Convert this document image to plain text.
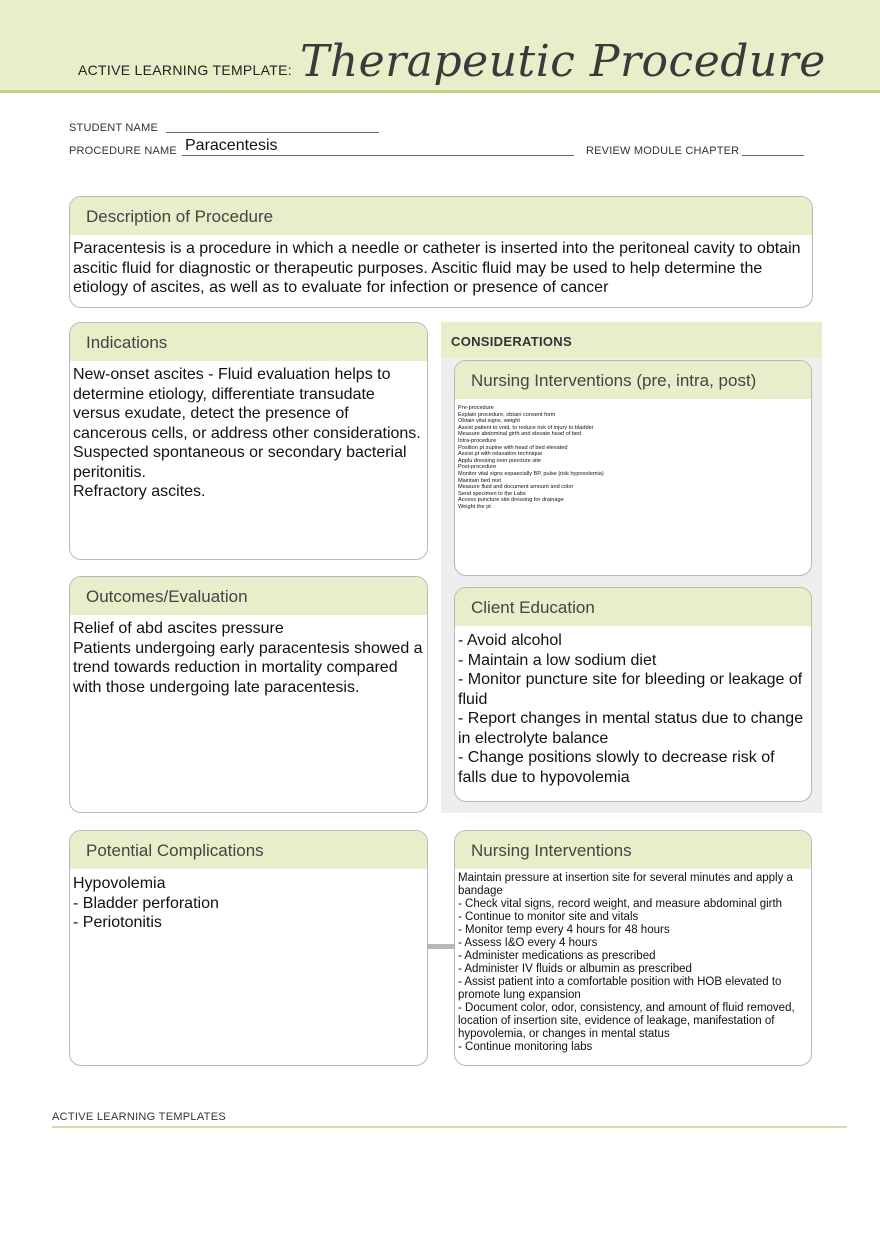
ACTIVE LEARNING TEMPLATE: Therapeutic Procedure
STUDENT NAME
PROCEDURE NAME Paracentesis	REVIEW MODULE CHAPTER
Description of Procedure
Paracentesis is a procedure in which a needle or catheter is inserted into the peritoneal cavity to obtain ascitic fluid for diagnostic or therapeutic purposes. Ascitic fluid may be used to help determine the etiology of ascites, as well as to evaluate for infection or presence of cancer
Indications
New-onset ascites - Fluid evaluation helps to determine etiology, differentiate transudate versus exudate, detect the presence of cancerous cells, or address other considerations.
Suspected spontaneous or secondary bacterial peritonitis.
Refractory ascites.
CONSIDERATIONS
Nursing Interventions (pre, intra, post)
Pre-procedure
Explain procedure, obtain consent form
Obtain vital signs, weight
Assist patient to void, to reduce risk of injury to bladder
Measure abdominal girth and elevate head of bed
Intra-procedure
Position pt supine with head of bed elevated
Assist pt with relaxation technique
Applu dressing over puncture site
Post-procedure
Monitor vital signs espaecially BP, pulse (risk hypovolemia)
Maintain bed rest
Measure fluid and document amount and color
Send specimen to the Labs
Access puncture site dressing for drainage
Weight the pt
Outcomes/Evaluation
Relief of abd ascites pressure
Patients undergoing early paracentesis showed a trend towards reduction in mortality compared with those undergoing late paracentesis.
Client Education
- Avoid alcohol
- Maintain a low sodium diet
- Monitor puncture site for bleeding or leakage of fluid
- Report changes in mental status due to change in electrolyte balance
- Change positions slowly to decrease risk of falls due to hypovolemia
Potential Complications
Hypovolemia
- Bladder perforation
- Periotonitis
Nursing Interventions
Maintain pressure at insertion site for several minutes and apply a bandage
- Check vital signs, record weight, and measure abdominal girth
- Continue to monitor site and vitals
- Monitor temp every 4 hours for 48 hours
- Assess I&O every 4 hours
- Administer medications as prescribed
- Administer IV fluids or albumin as prescribed
- Assist patient into a comfortable position with HOB elevated to promote lung expansion
- Document color, odor, consistency, and amount of fluid removed, location of insertion site, evidence of leakage, manifestation of hypovolemia, or changes in mental status
- Continue monitoring labs
ACTIVE LEARNING TEMPLATES
